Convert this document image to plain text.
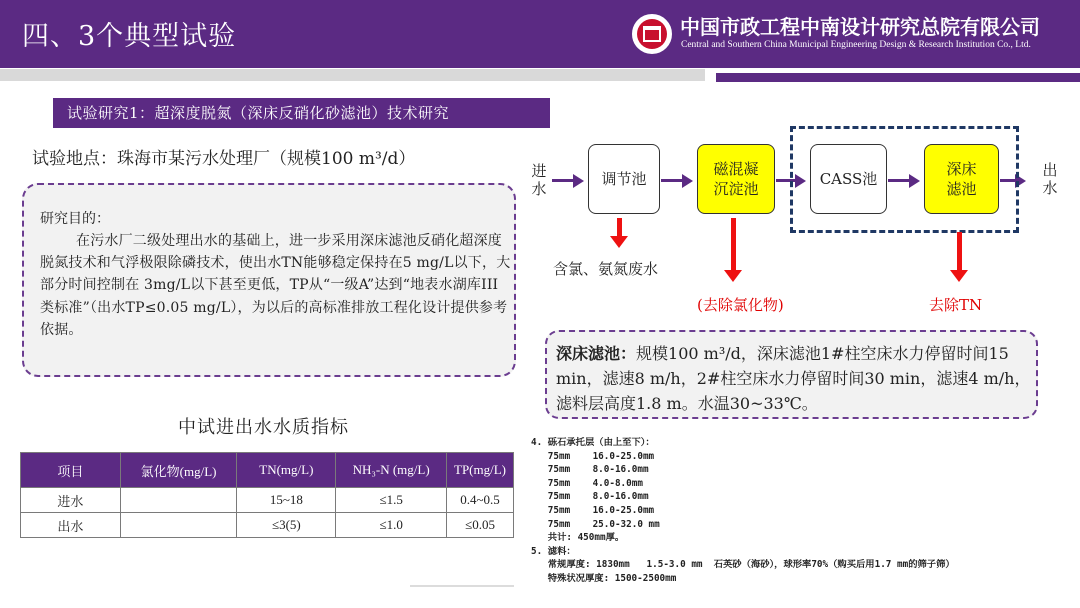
四、3个典型试验	中国市政工程中南设计研究总院有限公司
Central and Southern China Municipal Engineering Design & Research Institution Co., Ltd.
试验研究1：超深度脱氮（深床反硝化砂滤池）技术研究
试验地点：珠海市某污水处理厂（规模100 m³/d）
研究目的：
在污水厂二级处理出水的基础上，进一步采用深床滤池反硝化超深度脱氮技术和气浮极限除磷技术，使出水TN能够稳定保持在5 mg/L以下，大部分时间控制在 3mg/L以下甚至更低，TP从“一级A”达到“地表水湖库III类标准”（出水TP≤0.05 mg/L），为以后的高标准排放工程化设计提供参考依据。
中试进出水水质指标
项目	氯化物(mg/L)	TN(mg/L)	NH₃-N (mg/L)	TP(mg/L)
进水		15~18	≤1.5	0.4~0.5
出水		≤3(5)	≤1.0	≤0.05
进水
调节池
磁混凝
沉淀池
CASS池
深床
滤池
出水
含氯、氨氮废水
(去除氯化物)	去除TN
深床滤池：规模100 m³/d，深床滤池1#柱空床水力停留时间15 min，滤速8 m/h，2#柱空床水力停留时间30 min，滤速4 m/h，滤料层高度1.8 m。水温30~33℃。
4. 砾石承托层（由上至下）：
75mm    16.0-25.0mm
75mm    8.0-16.0mm
75mm    4.0-8.0mm
75mm    8.0-16.0mm
75mm    16.0-25.0mm
75mm    25.0-32.0 mm
共计: 450mm厚。
5. 滤料：
常规厚度: 1830mm   1.5-3.0 mm  石英砂（海砂），球形率70%（购买后用1.7 mm的筛子筛）
特殊状况厚度: 1500-2500mm
